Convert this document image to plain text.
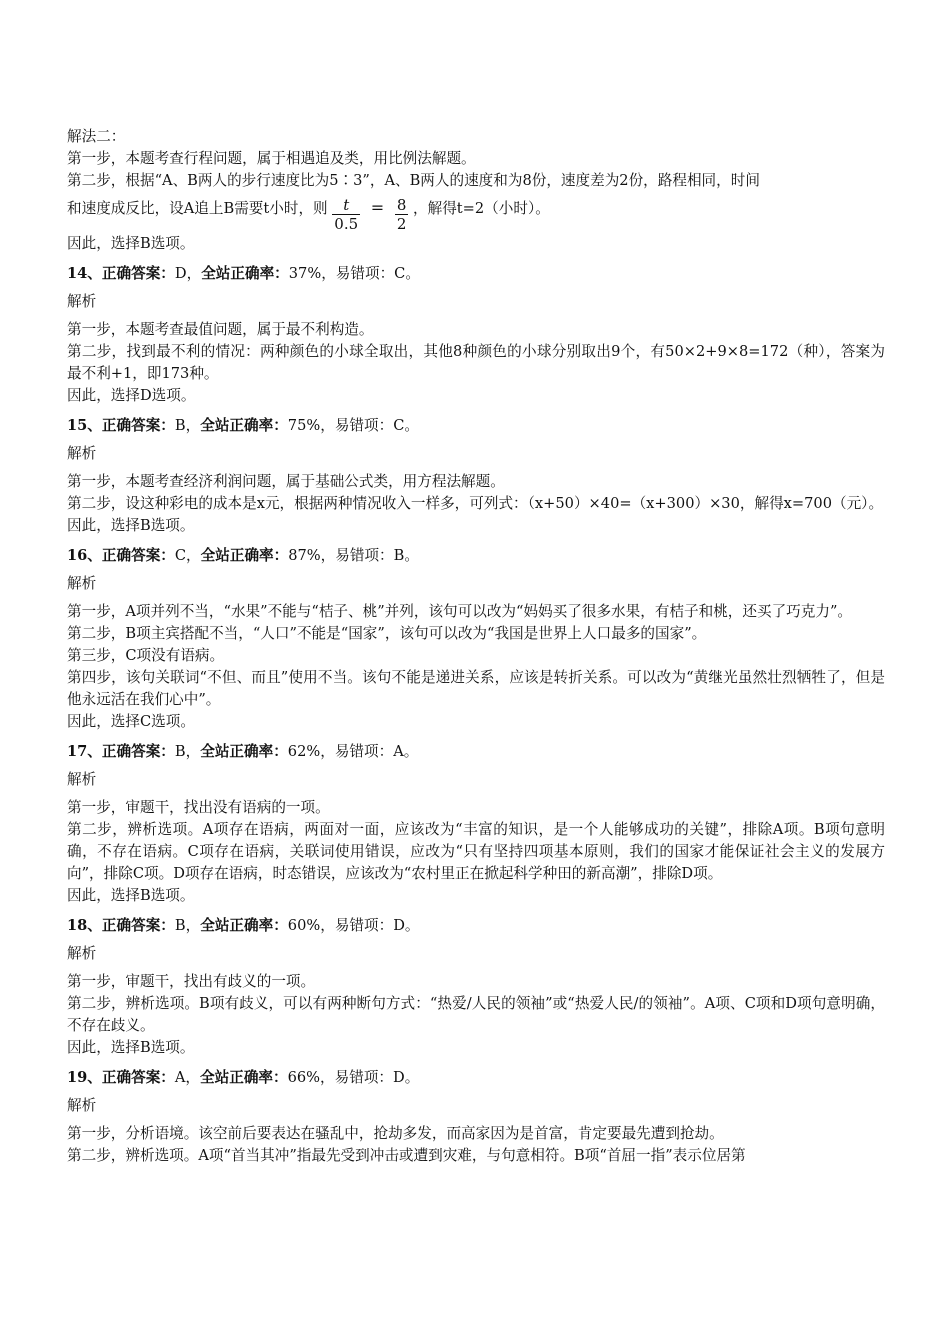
解法二：

第一步，本题考查行程问题，属于相遇追及类，用比例法解题。

第二步，根据“A、B两人的步行速度比为5∶3”，A、B两人的速度和为8份，速度差为2份，路程相同，时间

和速度成反比，设A追上B需要t小时，则 $\frac{t}{0.5} = \frac{8}{2}$ ，解得t=2（小时）。

因此，选择B选项。

14、正确答案：D，全站正确率：37%，易错项：C。

解析

第一步，本题考查最值问题，属于最不利构造。

第二步，找到最不利的情况：两种颜色的小球全取出，其他8种颜色的小球分别取出9个，有50×2+9×8=172（种），答案为最不利+1，即173种。

因此，选择D选项。

15、正确答案：B，全站正确率：75%，易错项：C。

解析

第一步，本题考查经济利润问题，属于基础公式类，用方程法解题。

第二步，设这种彩电的成本是x元，根据两种情况收入一样多，可列式：（x+50）×40=（x+300）×30，解得x=700（元）。

因此，选择B选项。

16、正确答案：C，全站正确率：87%，易错项：B。

解析

第一步，A项并列不当，“水果”不能与“桔子、桃”并列，该句可以改为“妈妈买了很多水果，有桔子和桃，还买了巧克力”。

第二步，B项主宾搭配不当，“人口”不能是“国家”，该句可以改为“我国是世界上人口最多的国家”。

第三步，C项没有语病。

第四步，该句关联词“不但、而且”使用不当。该句不能是递进关系，应该是转折关系。可以改为“黄继光虽然壮烈牺牲了，但是他永远活在我们心中”。

因此，选择C选项。

17、正确答案：B，全站正确率：62%，易错项：A。

解析

第一步，审题干，找出没有语病的一项。

第二步，辨析选项。A项存在语病，两面对一面，应该改为“丰富的知识，是一个人能够成功的关键”，排除A项。B项句意明确，不存在语病。C项存在语病，关联词使用错误，应改为“只有坚持四项基本原则，我们的国家才能保证社会主义的发展方向”，排除C项。D项存在语病，时态错误，应该改为“农村里正在掀起科学种田的新高潮”，排除D项。

因此，选择B选项。

18、正确答案：B，全站正确率：60%，易错项：D。

解析

第一步，审题干，找出有歧义的一项。

第二步，辨析选项。B项有歧义，可以有两种断句方式：“热爱/人民的领袖”或“热爱人民/的领袖”。A项、C项和D项句意明确，不存在歧义。

因此，选择B选项。

19、正确答案：A，全站正确率：66%，易错项：D。

解析

第一步，分析语境。该空前后要表达在骚乱中，抢劫多发，而高家因为是首富，肯定要最先遭到抢劫。

第二步，辨析选项。A项“首当其冲”指最先受到冲击或遭到灾难，与句意相符。B项“首屈一指”表示位居第
